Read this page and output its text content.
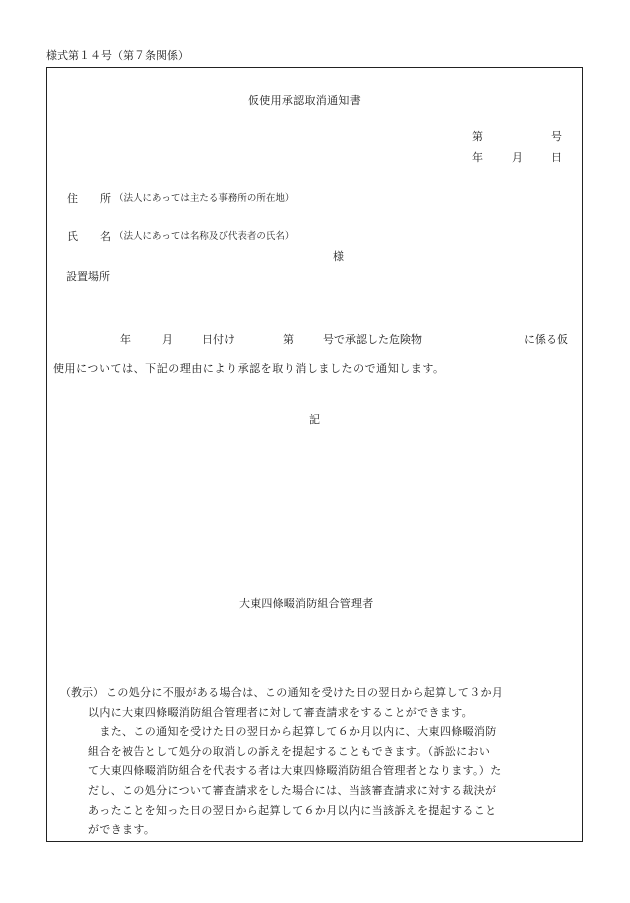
様式第１４号（第７条関係）
仮使用承認取消通知書
第	号
年	月	日
住　　所 （法人にあっては主たる事務所の所在地）
氏　　名 （法人にあっては名称及び代表者の氏名）
様
設置場所
年	月	日付け	第	号で承認した危険物	に係る仮
使用については、下記の理由により承認を取り消しましたので通知します。
記
大東四條畷消防組合管理者
（教示） この処分に不服がある場合は、この通知を受けた日の翌日から起算して３か月
以内に大東四條畷消防組合管理者に対して審査請求をすることができます。
　また、この通知を受けた日の翌日から起算して６か月以内に、大東四條畷消防
組合を被告として処分の取消しの訴えを提起することもできます。（訴訟におい
て大東四條畷消防組合を代表する者は大東四條畷消防組合管理者となります。）た
だし、この処分について審査請求をした場合には、当該審査請求に対する裁決が
あったことを知った日の翌日から起算して６か月以内に当該訴えを提起すること
ができます。
